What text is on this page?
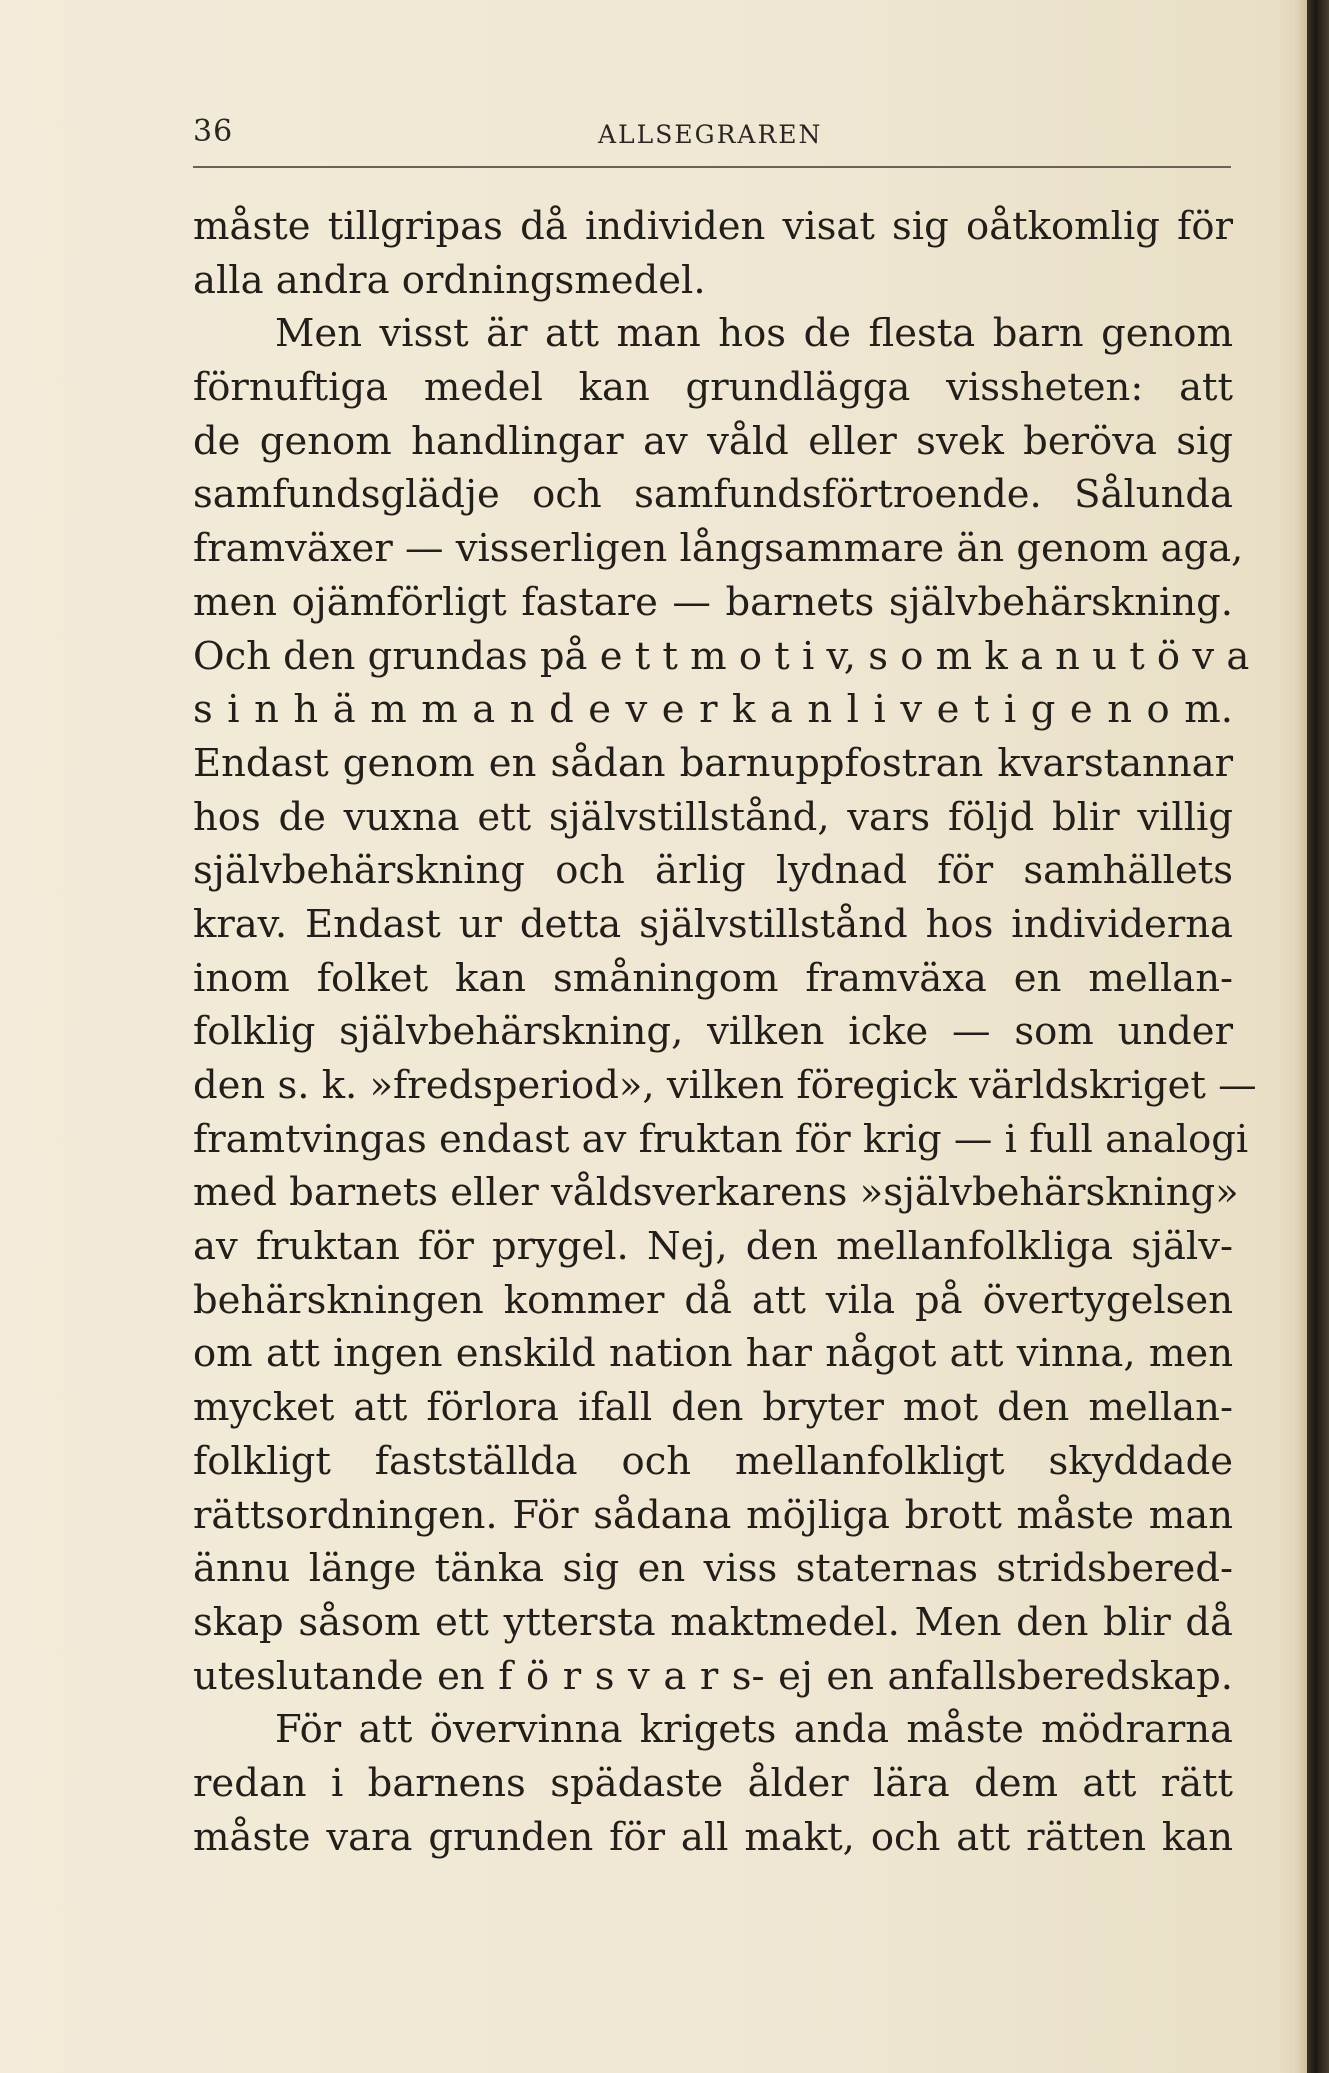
36	ALLSEGRAREN
måste tillgripas då individen visat sig oåtkomlig för
alla andra ordningsmedel.
Men visst är att man hos de flesta barn genom
förnuftiga medel kan grundlägga vissheten: att
de genom handlingar av våld eller svek beröva sig
samfundsglädje och samfundsförtroende. Sålunda
framväxer — visserligen långsammare än genom aga,
men ojämförligt fastare — barnets självbehärskning.
Och den grundas på e t t m o t i v, s o m k a n u t ö v a
s i n h ä m m a n d e v e r k a n l i v e t i g e n o m.
Endast genom en sådan barnuppfostran kvarstannar
hos de vuxna ett självstillstånd, vars följd blir villig
självbehärskning och ärlig lydnad för samhällets
krav. Endast ur detta självstillstånd hos individerna
inom folket kan småningom framväxa en mellan-
folklig självbehärskning, vilken icke — som under
den s. k. »fredsperiod», vilken föregick världskriget —
framtvingas endast av fruktan för krig — i full analogi
med barnets eller våldsverkarens »självbehärskning»
av fruktan för prygel. Nej, den mellanfolkliga själv-
behärskningen kommer då att vila på övertygelsen
om att ingen enskild nation har något att vinna, men
mycket att förlora ifall den bryter mot den mellan-
folkligt fastställda och mellanfolkligt skyddade
rättsordningen. För sådana möjliga brott måste man
ännu länge tänka sig en viss staternas stridsbered-
skap såsom ett yttersta maktmedel. Men den blir då
uteslutande en f ö r s v a r s- ej en anfallsberedskap.
För att övervinna krigets anda måste mödrarna
redan i barnens spädaste ålder lära dem att rätt
måste vara grunden för all makt, och att rätten kan
